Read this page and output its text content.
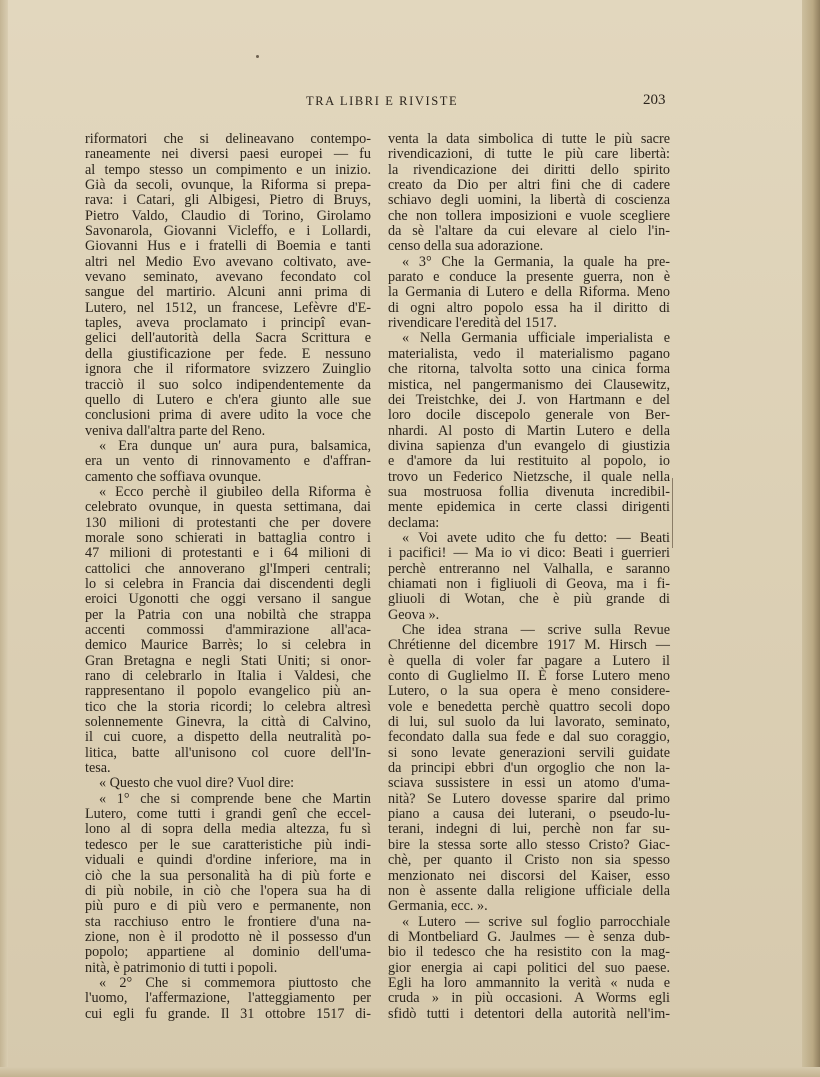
TRA LIBRI E RIVISTE	203
riformatori che si delineavano contempo-
raneamente nei diversi paesi europei — fu
al tempo stesso un compimento e un inizio.
Già da secoli, ovunque, la Riforma si prepa-
rava: i Catari, gli Albigesi, Pietro di Bruys,
Pietro Valdo, Claudio di Torino, Girolamo
Savonarola, Giovanni Vicleffo, e i Lollardi,
Giovanni Hus e i fratelli di Boemia e tanti
altri nel Medio Evo avevano coltivato, ave-
vevano seminato, avevano fecondato col
sangue del martirio. Alcuni anni prima di
Lutero, nel 1512, un francese, Lefèvre d'E-
taples, aveva proclamato i principî evan-
gelici dell'autorità della Sacra Scrittura e
della giustificazione per fede. E nessuno
ignora che il riformatore svizzero Zuinglio
tracciò il suo solco indipendentemente da
quello di Lutero e ch'era giunto alle sue
conclusioni prima di avere udito la voce che
veniva dall'altra parte del Reno.
« Era dunque un' aura pura, balsamica,
era un vento di rinnovamento e d'affran-
camento che soffiava ovunque.
« Ecco perchè il giubileo della Riforma è
celebrato ovunque, in questa settimana, dai
130 milioni di protestanti che per dovere
morale sono schierati in battaglia contro i
47 milioni di protestanti e i 64 milioni di
cattolici che annoverano gl'Imperi centrali;
lo si celebra in Francia dai discendenti degli
eroici Ugonotti che oggi versano il sangue
per la Patria con una nobiltà che strappa
accenti commossi d'ammirazione all'aca-
demico Maurice Barrès; lo si celebra in
Gran Bretagna e negli Stati Uniti; si onor-
rano di celebrarlo in Italia i Valdesi, che
rappresentano il popolo evangelico più an-
tico che la storia ricordi; lo celebra altresì
solennemente Ginevra, la città di Calvino,
il cui cuore, a dispetto della neutralità po-
litica, batte all'unisono col cuore dell'In-
tesa.
« Questo che vuol dire? Vuol dire:
« 1° che si comprende bene che Martin
Lutero, come tutti i grandi genî che eccel-
lono al di sopra della media altezza, fu sì
tedesco per le sue caratteristiche più indi-
viduali e quindi d'ordine inferiore, ma in
ciò che la sua personalità ha di più forte e
di più nobile, in ciò che l'opera sua ha di
più puro e di più vero e permanente, non
sta racchiuso entro le frontiere d'una na-
zione, non è il prodotto nè il possesso d'un
popolo; appartiene al dominio dell'uma-
nità, è patrimonio di tutti i popoli.
« 2° Che si commemora piuttosto che
l'uomo, l'affermazione, l'atteggiamento per
cui egli fu grande. Il 31 ottobre 1517 di-
venta la data simbolica di tutte le più sacre
rivendicazioni, di tutte le più care libertà:
la rivendicazione dei diritti dello spirito
creato da Dio per altri fini che di cadere
schiavo degli uomini, la libertà di coscienza
che non tollera imposizioni e vuole scegliere
da sè l'altare da cui elevare al cielo l'in-
censo della sua adorazione.
« 3° Che la Germania, la quale ha pre-
parato e conduce la presente guerra, non è
la Germania di Lutero e della Riforma. Meno
di ogni altro popolo essa ha il diritto di
rivendicare l'eredità del 1517.
« Nella Germania ufficiale imperialista e
materialista, vedo il materialismo pagano
che ritorna, talvolta sotto una cinica forma
mistica, nel pangermanismo dei Clausewitz,
dei Treistchke, dei J. von Hartmann e del
loro docile discepolo generale von Ber-
nhardi. Al posto di Martin Lutero e della
divina sapienza d'un evangelo di giustizia
e d'amore da lui restituito al popolo, io
trovo un Federico Nietzsche, il quale nella
sua mostruosa follia divenuta incredibil-
mente epidemica in certe classi dirigenti
declama:
« Voi avete udito che fu detto: — Beati
i pacifici! — Ma io vi dico: Beati i guerrieri
perchè entreranno nel Valhalla, e saranno
chiamati non i figliuoli di Geova, ma i fi-
gliuoli di Wotan, che è più grande di
Geova ».
Che idea strana — scrive sulla Revue
Chrétienne del dicembre 1917 M. Hirsch —
è quella di voler far pagare a Lutero il
conto di Guglielmo II. È forse Lutero meno
Lutero, o la sua opera è meno considere-
vole e benedetta perchè quattro secoli dopo
di lui, sul suolo da lui lavorato, seminato,
fecondato dalla sua fede e dal suo coraggio,
si sono levate generazioni servili guidate
da principi ebbri d'un orgoglio che non la-
sciava sussistere in essi un atomo d'uma-
nità? Se Lutero dovesse sparire dal primo
piano a causa dei luterani, o pseudo-lu-
terani, indegni di lui, perchè non far su-
bire la stessa sorte allo stesso Cristo? Giac-
chè, per quanto il Cristo non sia spesso
menzionato nei discorsi del Kaiser, esso
non è assente dalla religione ufficiale della
Germania, ecc. ».
« Lutero — scrive sul foglio parrocchiale
di Montbeliard G. Jaulmes — è senza dub-
bio il tedesco che ha resistito con la mag-
gior energia ai capi politici del suo paese.
Egli ha loro ammannito la verità « nuda e
cruda » in più occasioni. A Worms egli
sfidò tutti i detentori della autorità nell'im-
